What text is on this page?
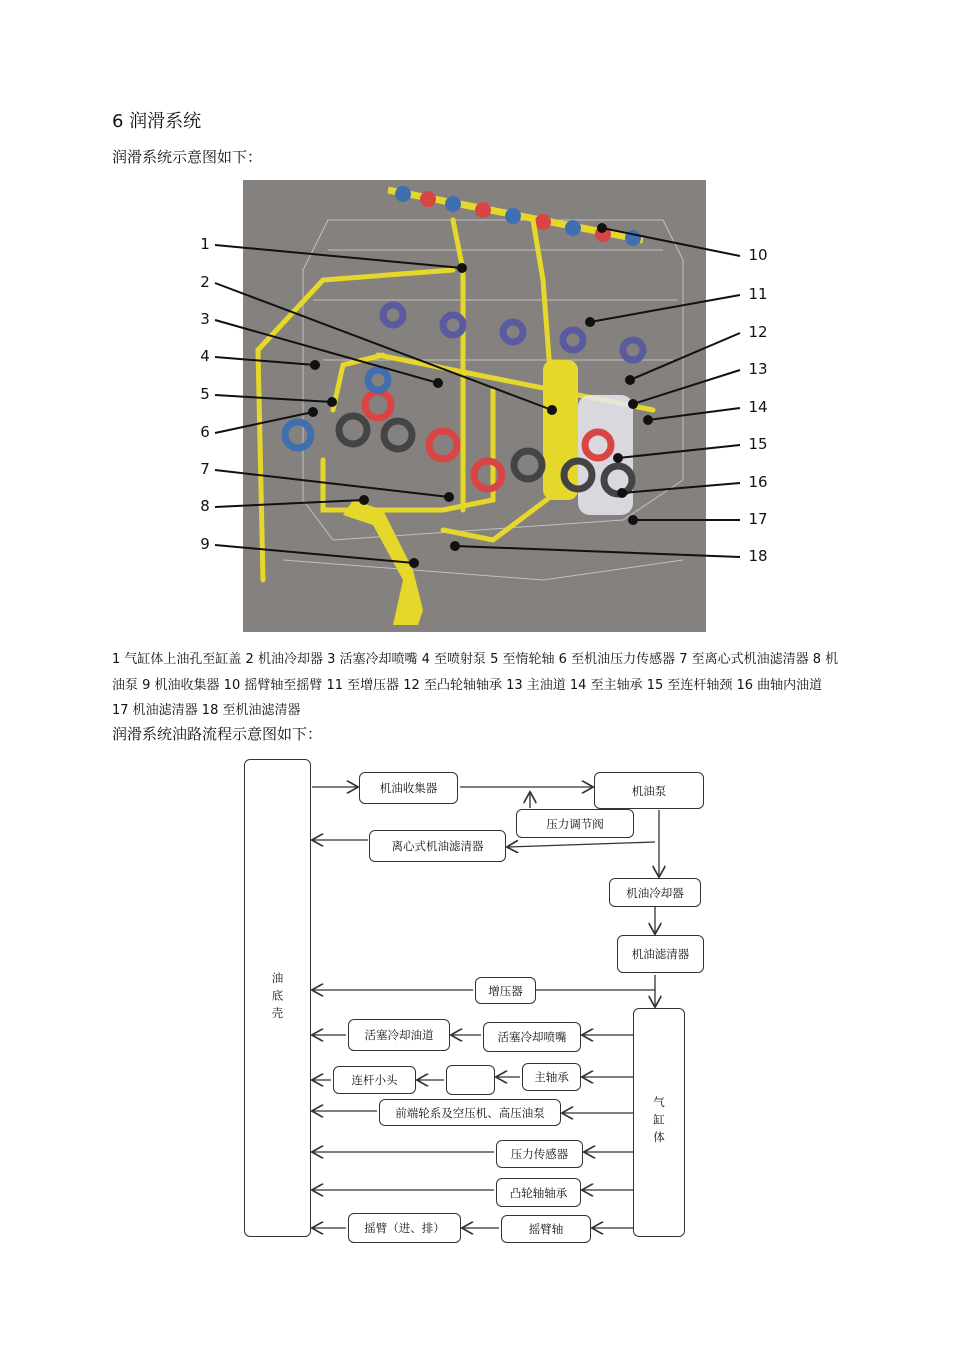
6 润滑系统
润滑系统示意图如下：
1
2
3
4
5
6
7
8
9
10
11
12
13
14
15
16
17
18
1 气缸体上油孔至缸盖 2 机油冷却器 3 活塞冷却喷嘴 4 至喷射泵 5 至惰轮轴 6 至机油压力传感器 7 至离心式机油滤清器 8 机油泵 9 机油收集器 10 摇臂轴至摇臂 11 至增压器 12 至凸轮轴轴承 13 主油道 14 至主轴承 15 至连杆轴颈 16 曲轴内油道 17 机油滤清器 18 至机油滤清器
润滑系统油路流程示意图如下：
油底壳
气缸体
机油收集器	机油泵
压力调节阀
离心式机油滤清器
机油冷却器
机油滤清器
增压器
活塞冷却油道	活塞冷却喷嘴
连杆小头	主轴承
前端轮系及空压机、高压油泵
压力传感器
凸轮轴轴承
摇臂（进、排）	摇臂轴
